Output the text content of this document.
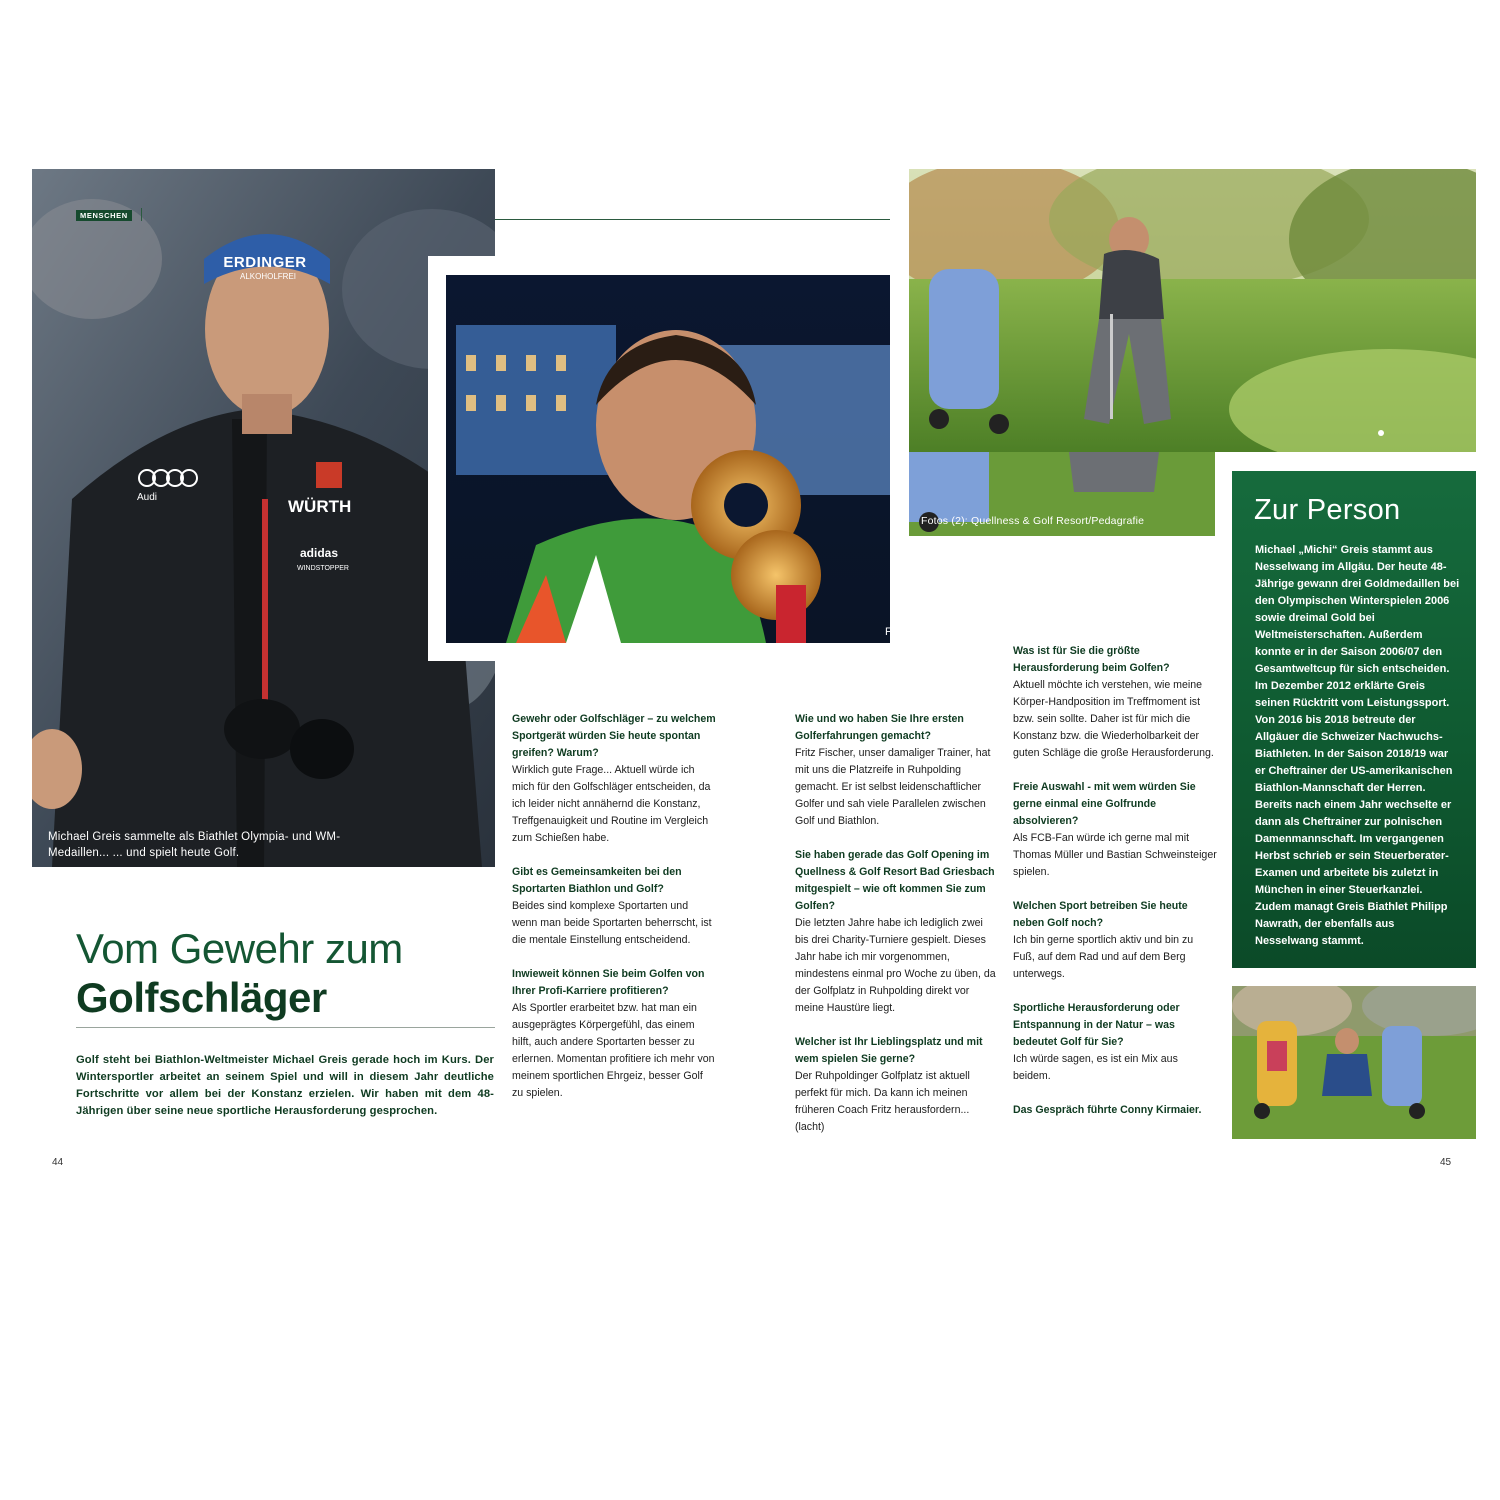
MENSCHEN
ERDINGER
ALKOHOLFREI
WÜRTH
Audi
adidas
WINDSTOPPER
Michael Greis sammelte als Biathlet Olympia- und WM-Medaillen... ... und spielt heute Golf.
Fotos (2): dpa
Fotos (2): Quellness & Golf Resort/Pedagrafie
Vom Gewehr zum
Golfschläger
Golf steht bei Biathlon-Weltmeister Michael Greis gerade hoch im Kurs. Der Wintersportler arbeitet an seinem Spiel und will in diesem Jahr deutliche Fortschritte vor allem bei der Konstanz erzielen. Wir haben mit dem 48-Jährigen über seine neue sportliche Herausforderung gesprochen.
Gewehr oder Golfschläger – zu welchem Sportgerät würden Sie heute spontan greifen? Warum?
Wirklich gute Frage... Aktuell würde ich mich für den Golfschläger entscheiden, da ich leider nicht annähernd die Konstanz, Treffgenauigkeit und Routine im Vergleich zum Schießen habe.
Gibt es Gemeinsamkeiten bei den Sportarten Biathlon und Golf?
Beides sind komplexe Sportarten und wenn man beide Sportarten beherrscht, ist die mentale Einstellung entscheidend.
Inwieweit können Sie beim Golfen von Ihrer Profi-Karriere profitieren?
Als Sportler erarbeitet bzw. hat man ein ausgeprägtes Körpergefühl, das einem hilft, auch andere Sportarten besser zu erlernen. Momentan profitiere ich mehr von meinem sportlichen Ehrgeiz, besser Golf zu spielen.
Wie und wo haben Sie Ihre ersten Golferfahrungen gemacht?
Fritz Fischer, unser damaliger Trainer, hat mit uns die Platzreife in Ruhpolding gemacht. Er ist selbst leidenschaftlicher Golfer und sah viele Parallelen zwischen Golf und Biathlon.
Sie haben gerade das Golf Opening im Quellness & Golf Resort Bad Griesbach mitgespielt – wie oft kommen Sie zum Golfen?
Die letzten Jahre habe ich lediglich zwei bis drei Charity-Turniere gespielt. Dieses Jahr habe ich mir vorgenommen, mindestens einmal pro Woche zu üben, da der Golfplatz in Ruhpolding direkt vor meine Haustüre liegt.
Welcher ist Ihr Lieblingsplatz und mit wem spielen Sie gerne?
Der Ruhpoldinger Golfplatz ist aktuell perfekt für mich. Da kann ich meinen früheren Coach Fritz herausfordern... (lacht)
Was ist für Sie die größte Herausforderung beim Golfen?
Aktuell möchte ich verstehen, wie meine Körper-Handposition im Treffmoment ist bzw. sein sollte. Daher ist für mich die Konstanz bzw. die Wiederholbarkeit der guten Schläge die große Herausforderung.
Freie Auswahl - mit wem würden Sie gerne einmal eine Golfrunde absolvieren?
Als FCB-Fan würde ich gerne mal mit Thomas Müller und Bastian Schweinsteiger spielen.
Welchen Sport betreiben Sie heute neben Golf noch?
Ich bin gerne sportlich aktiv und bin zu Fuß, auf dem Rad und auf dem Berg unterwegs.
Sportliche Herausforderung oder Entspannung in der Natur – was bedeutet Golf für Sie?
Ich würde sagen, es ist ein Mix aus beidem.
Das Gespräch führte Conny Kirmaier.
Zur Person
Michael „Michi“ Greis stammt aus Nesselwang im Allgäu. Der heute 48-Jährige gewann drei Goldmedaillen bei den Olympischen Winterspielen 2006 sowie dreimal Gold bei Weltmeisterschaften. Außerdem konnte er in der Saison 2006/07 den Gesamtweltcup für sich entscheiden. Im Dezember 2012 erklärte Greis seinen Rücktritt vom Leistungssport. Von 2016 bis 2018 betreute der Allgäuer die Schweizer Nachwuchs-Biathleten. In der Saison 2018/19 war er Cheftrainer der US-amerikanischen Biathlon-Mannschaft der Herren. Bereits nach einem Jahr wechselte er dann als Cheftrainer zur polnischen Damenmannschaft. Im vergangenen Herbst schrieb er sein Steuerberater-Examen und arbeitete bis zuletzt in München in einer Steuerkanzlei. Zudem managt Greis Biathlet Philipp Nawrath, der ebenfalls aus Nesselwang stammt.
44	45
